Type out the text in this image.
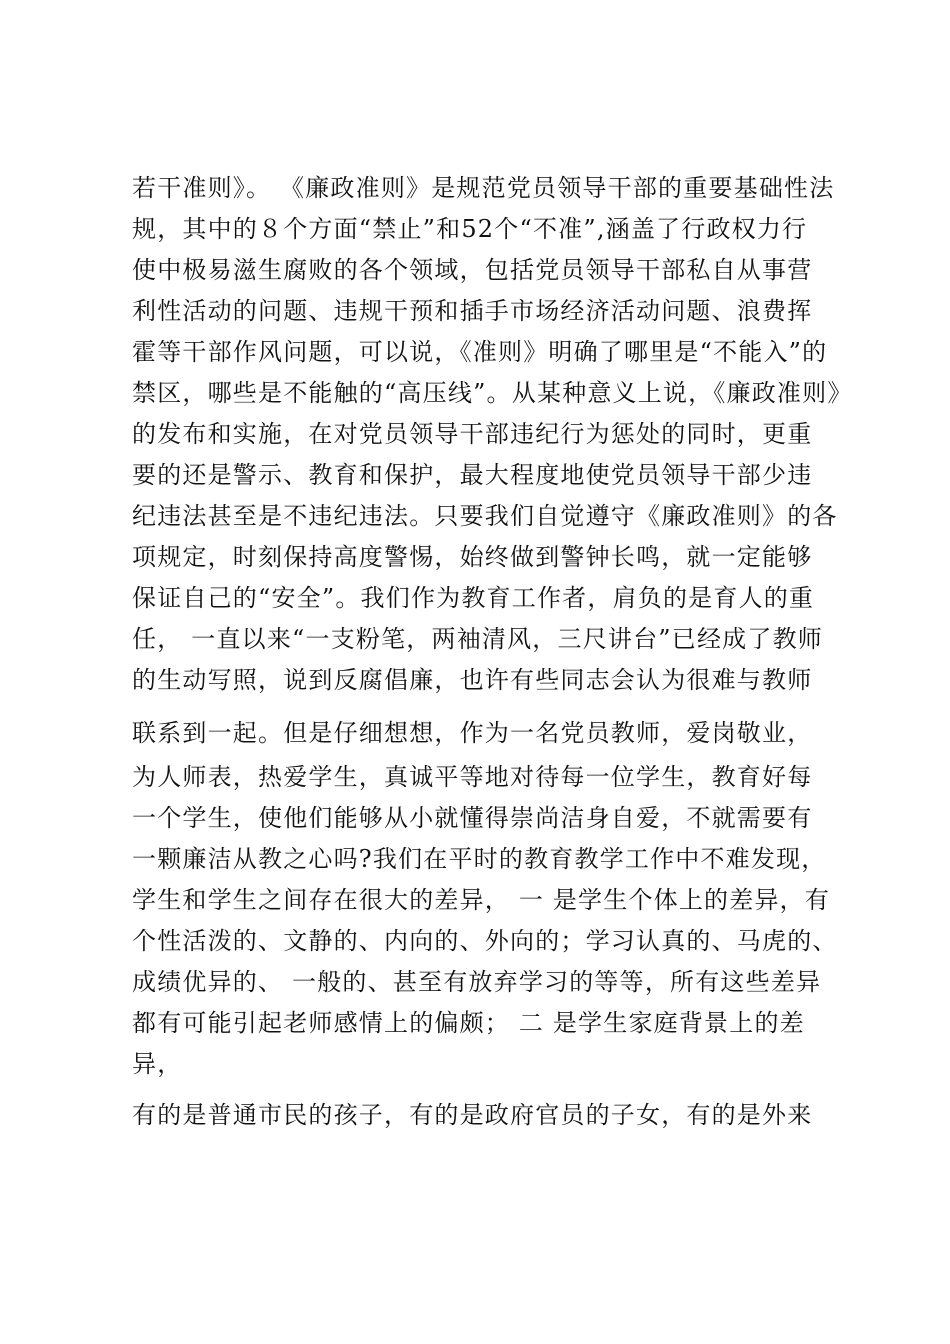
若干准则》。 《廉政准则》是规范党员领导干部的重要基础性法
规，其中的８个方面“禁止”和52个“不准”,涵盖了行政权力行
使中极易滋生腐败的各个领域，包括党员领导干部私自从事营
利性活动的问题、违规干预和插手市场经济活动问题、浪费挥
霍等干部作风问题，可以说，《准则》明确了哪里是“不能入”的
禁区，哪些是不能触的“高压线”。从某种意义上说，《廉政准则》
的发布和实施，在对党员领导干部违纪行为惩处的同时，更重
要的还是警示、教育和保护，最大程度地使党员领导干部少违
纪违法甚至是不违纪违法。只要我们自觉遵守《廉政准则》的各
项规定，时刻保持高度警惕，始终做到警钟长鸣，就一定能够
保证自己的“安全”。我们作为教育工作者，肩负的是育人的重
任， 一直以来“一支粉笔，两袖清风，三尺讲台”已经成了教师
的生动写照，说到反腐倡廉，也许有些同志会认为很难与教师
联系到一起。但是仔细想想，作为一名党员教师，爱岗敬业，
为人师表，热爱学生，真诚平等地对待每一位学生，教育好每
一个学生，使他们能够从小就懂得崇尚洁身自爱，不就需要有
一颗廉洁从教之心吗?我们在平时的教育教学工作中不难发现，
学生和学生之间存在很大的差异， 一 是学生个体上的差异，有
个性活泼的、文静的、内向的、外向的；学习认真的、马虎的、
成绩优异的、 一般的、甚至有放弃学习的等等，所有这些差异
都有可能引起老师感情上的偏颇； 二 是学生家庭背景上的差
异，
有的是普通市民的孩子，有的是政府官员的子女，有的是外来
